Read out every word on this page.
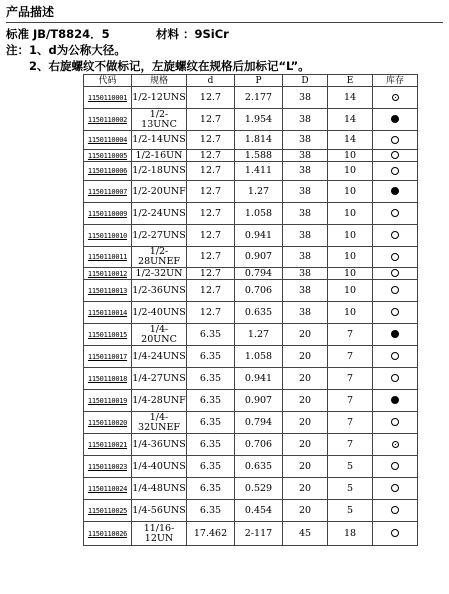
产品描述
标准 JB/T8824．5	材料 ：9SiCr
注：1、d为公称大径。
2、右旋螺纹不做标记，左旋螺纹在规格后加标记“L”。
代码	规格	d	P	D	E	库存
1150110001	1/2-12UNS	12.7	2.177	38	14	
1150110002	1/2-13UNC	12.7	1.954	38	14	
1150110004	1/2-14UNS	12.7	1.814	38	14	
1150110005	1/2-16UN	12.7	1.588	38	10	
1150110006	1/2-18UNS	12.7	1.411	38	10	
1150110007	1/2-20UNF	12.7	1.27	38	10	
1150110009	1/2-24UNS	12.7	1.058	38	10	
1150110010	1/2-27UNS	12.7	0.941	38	10	
1150110011	1/2-28UNEF	12.7	0.907	38	10	
1150110012	1/2-32UN	12.7	0.794	38	10	
1150110013	1/2-36UNS	12.7	0.706	38	10	
1150110014	1/2-40UNS	12.7	0.635	38	10	
1150110015	1/4-20UNC	6.35	1.27	20	7	
1150110017	1/4-24UNS	6.35	1.058	20	7	
1150110018	1/4-27UNS	6.35	0.941	20	7	
1150110019	1/4-28UNF	6.35	0.907	20	7	
1150110020	1/4-32UNEF	6.35	0.794	20	7	
1150110021	1/4-36UNS	6.35	0.706	20	7	
1150110023	1/4-40UNS	6.35	0.635	20	5	
1150110024	1/4-48UNS	6.35	0.529	20	5	
1150110025	1/4-56UNS	6.35	0.454	20	5	
1150110026	11/16-12UN	17.462	2-117	45	18	
